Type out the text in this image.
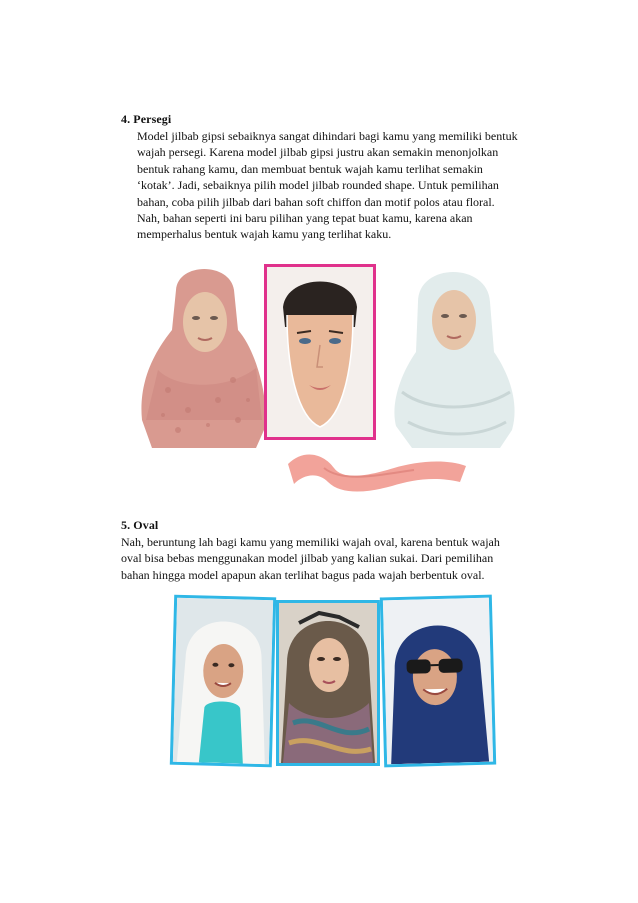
4. Persegi
Model jilbab gipsi sebaiknya sangat dihindari bagi kamu yang memiliki bentuk
wajah persegi. Karena model jilbab gipsi justru akan semakin menonjolkan
bentuk rahang kamu, dan membuat bentuk wajah kamu terlihat semakin
‘kotak’. Jadi, sebaiknya pilih model jilbab rounded shape. Untuk pemilihan
bahan, coba pilih jilbab dari bahan soft chiffon dan motif polos atau floral.
Nah, bahan seperti ini baru pilihan yang tepat buat kamu, karena akan
memperhalus bentuk wajah kamu yang terlihat kaku.
5. Oval
Nah, beruntung lah bagi kamu yang memiliki wajah oval, karena bentuk wajah
oval bisa bebas menggunakan model jilbab yang kalian sukai. Dari pemilihan
bahan hingga model apapun akan terlihat bagus pada wajah berbentuk oval.
